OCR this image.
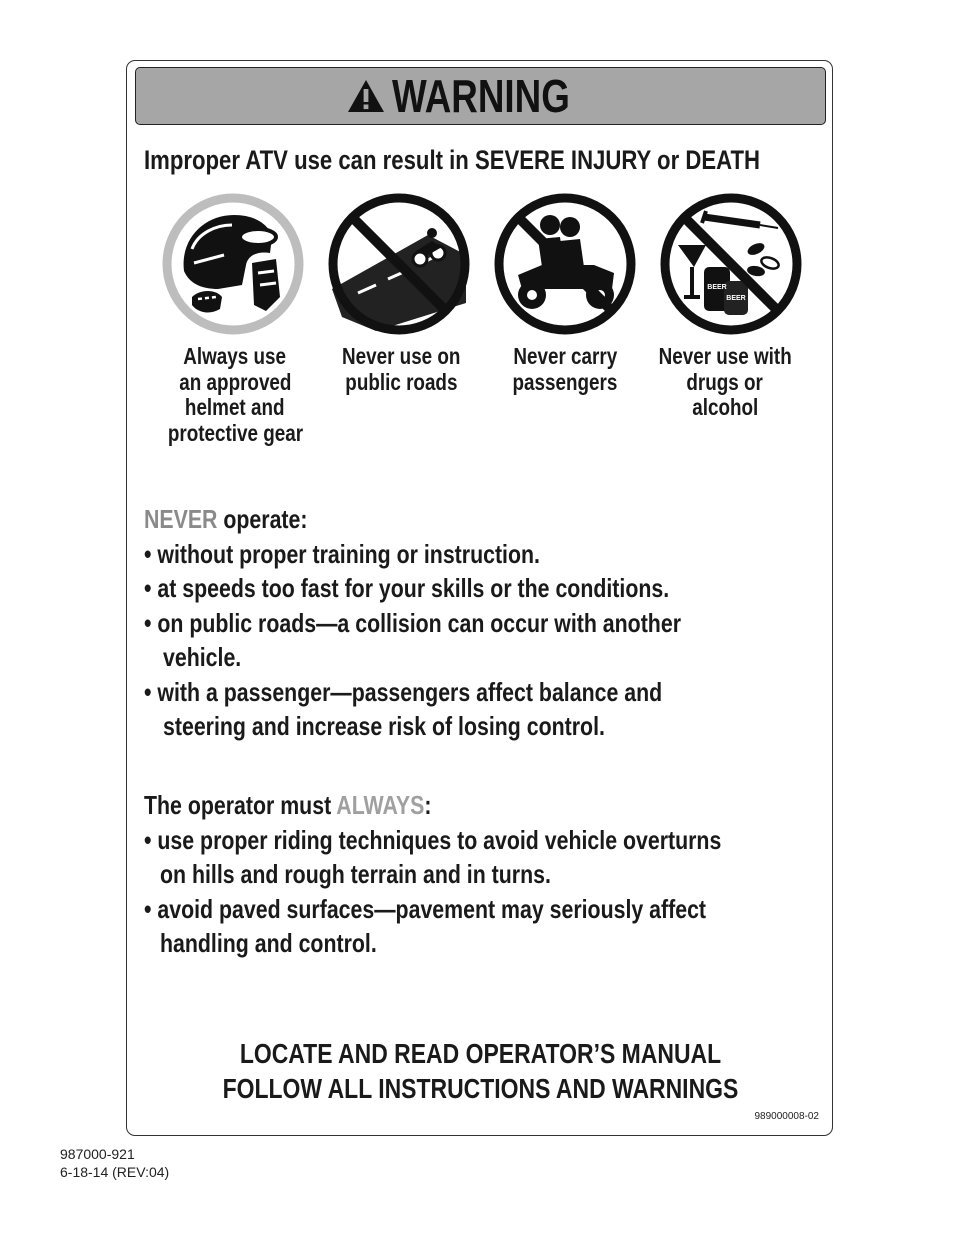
WARNING
Improper ATV use can result in SEVERE INJURY or DEATH
BEER
BEER
Always use
an approved
helmet and
protective gear
Never use on
public roads
Never carry
passengers
Never use with
drugs or
alcohol
NEVER operate:
• without proper training or instruction.
• at speeds too fast for your skills or the conditions.
• on public roads—a collision can occur with another
vehicle.
• with a passenger—passengers affect balance and
steering and increase risk of losing control.
The operator must ALWAYS:
• use proper riding techniques to avoid vehicle overturns
on hills and rough terrain and in turns.
• avoid paved surfaces—pavement may seriously affect
handling and control.
LOCATE AND READ OPERATOR’S MANUAL
FOLLOW ALL INSTRUCTIONS AND WARNINGS
989000008-02
987000-921
6-18-14 (REV:04)
